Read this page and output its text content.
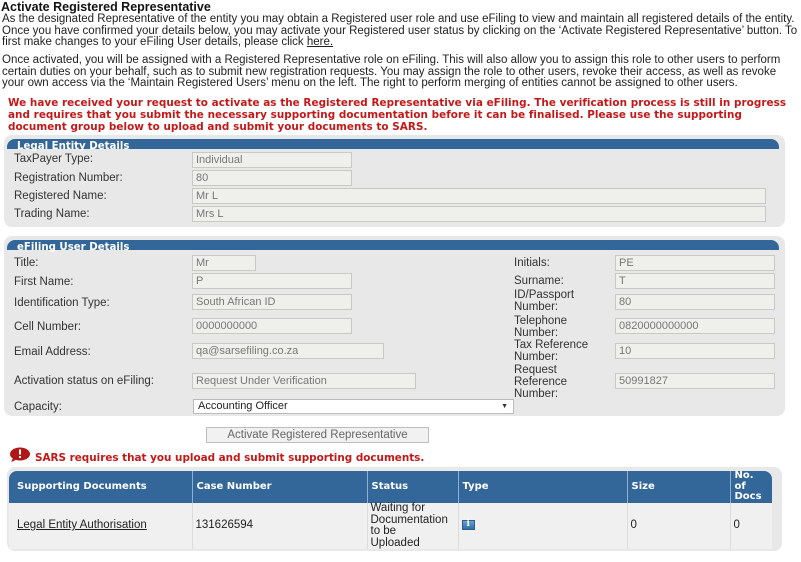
Activate Registered Representative
As the designated Representative of the entity you may obtain a Registered user role and use eFiling to view and maintain all registered details of the entity. Once you have confirmed your details below, you may activate your Registered user status by clicking on the ‘Activate Registered Representative’ button. To first make changes to your eFiling User details, please click here.
Once activated, you will be assigned with a Registered Representative role on eFiling. This will also allow you to assign this role to other users to perform certain duties on your behalf, such as to submit new registration requests. You may assign the role to other users, revoke their access, as well as revoke your own access via the ‘Maintain Registered Users’ menu on the left. The right to perform merging of entities cannot be assigned to other users.
We have received your request to activate as the Registered Representative via eFiling. The verification process is still in progress and requires that you submit the necessary supporting documentation before it can be finalised. Please use the supporting document group below to upload and submit your documents to SARS.
Legal Entity Details
TaxPayer Type:	Individual
Registration Number:	80
Registered Name:	Mr L
Trading Name:	Mrs L
eFiling User Details
Title:	Mr
First Name:	P
Identification Type:	South African ID
Cell Number:	0000000000
Email Address:	qa@sarsefiling.co.za
Activation status on eFiling:	Request Under Verification
Capacity:	Accounting Officer	▼
Initials:	PE
Surname:	T
ID/Passport
Number:	80
Telephone
Number:
0820000000000
Tax Reference
Number:	10
Request
Reference
Number:
50991827
Activate Registered Representative
SARS requires that you upload and submit supporting documents.
Supporting Documents	Case Number	Status	Type	Size	No.
of
Docs

Legal Entity Authorisation	131626594	Waiting for
Documentation
to be
Uploaded
	i	0	0
